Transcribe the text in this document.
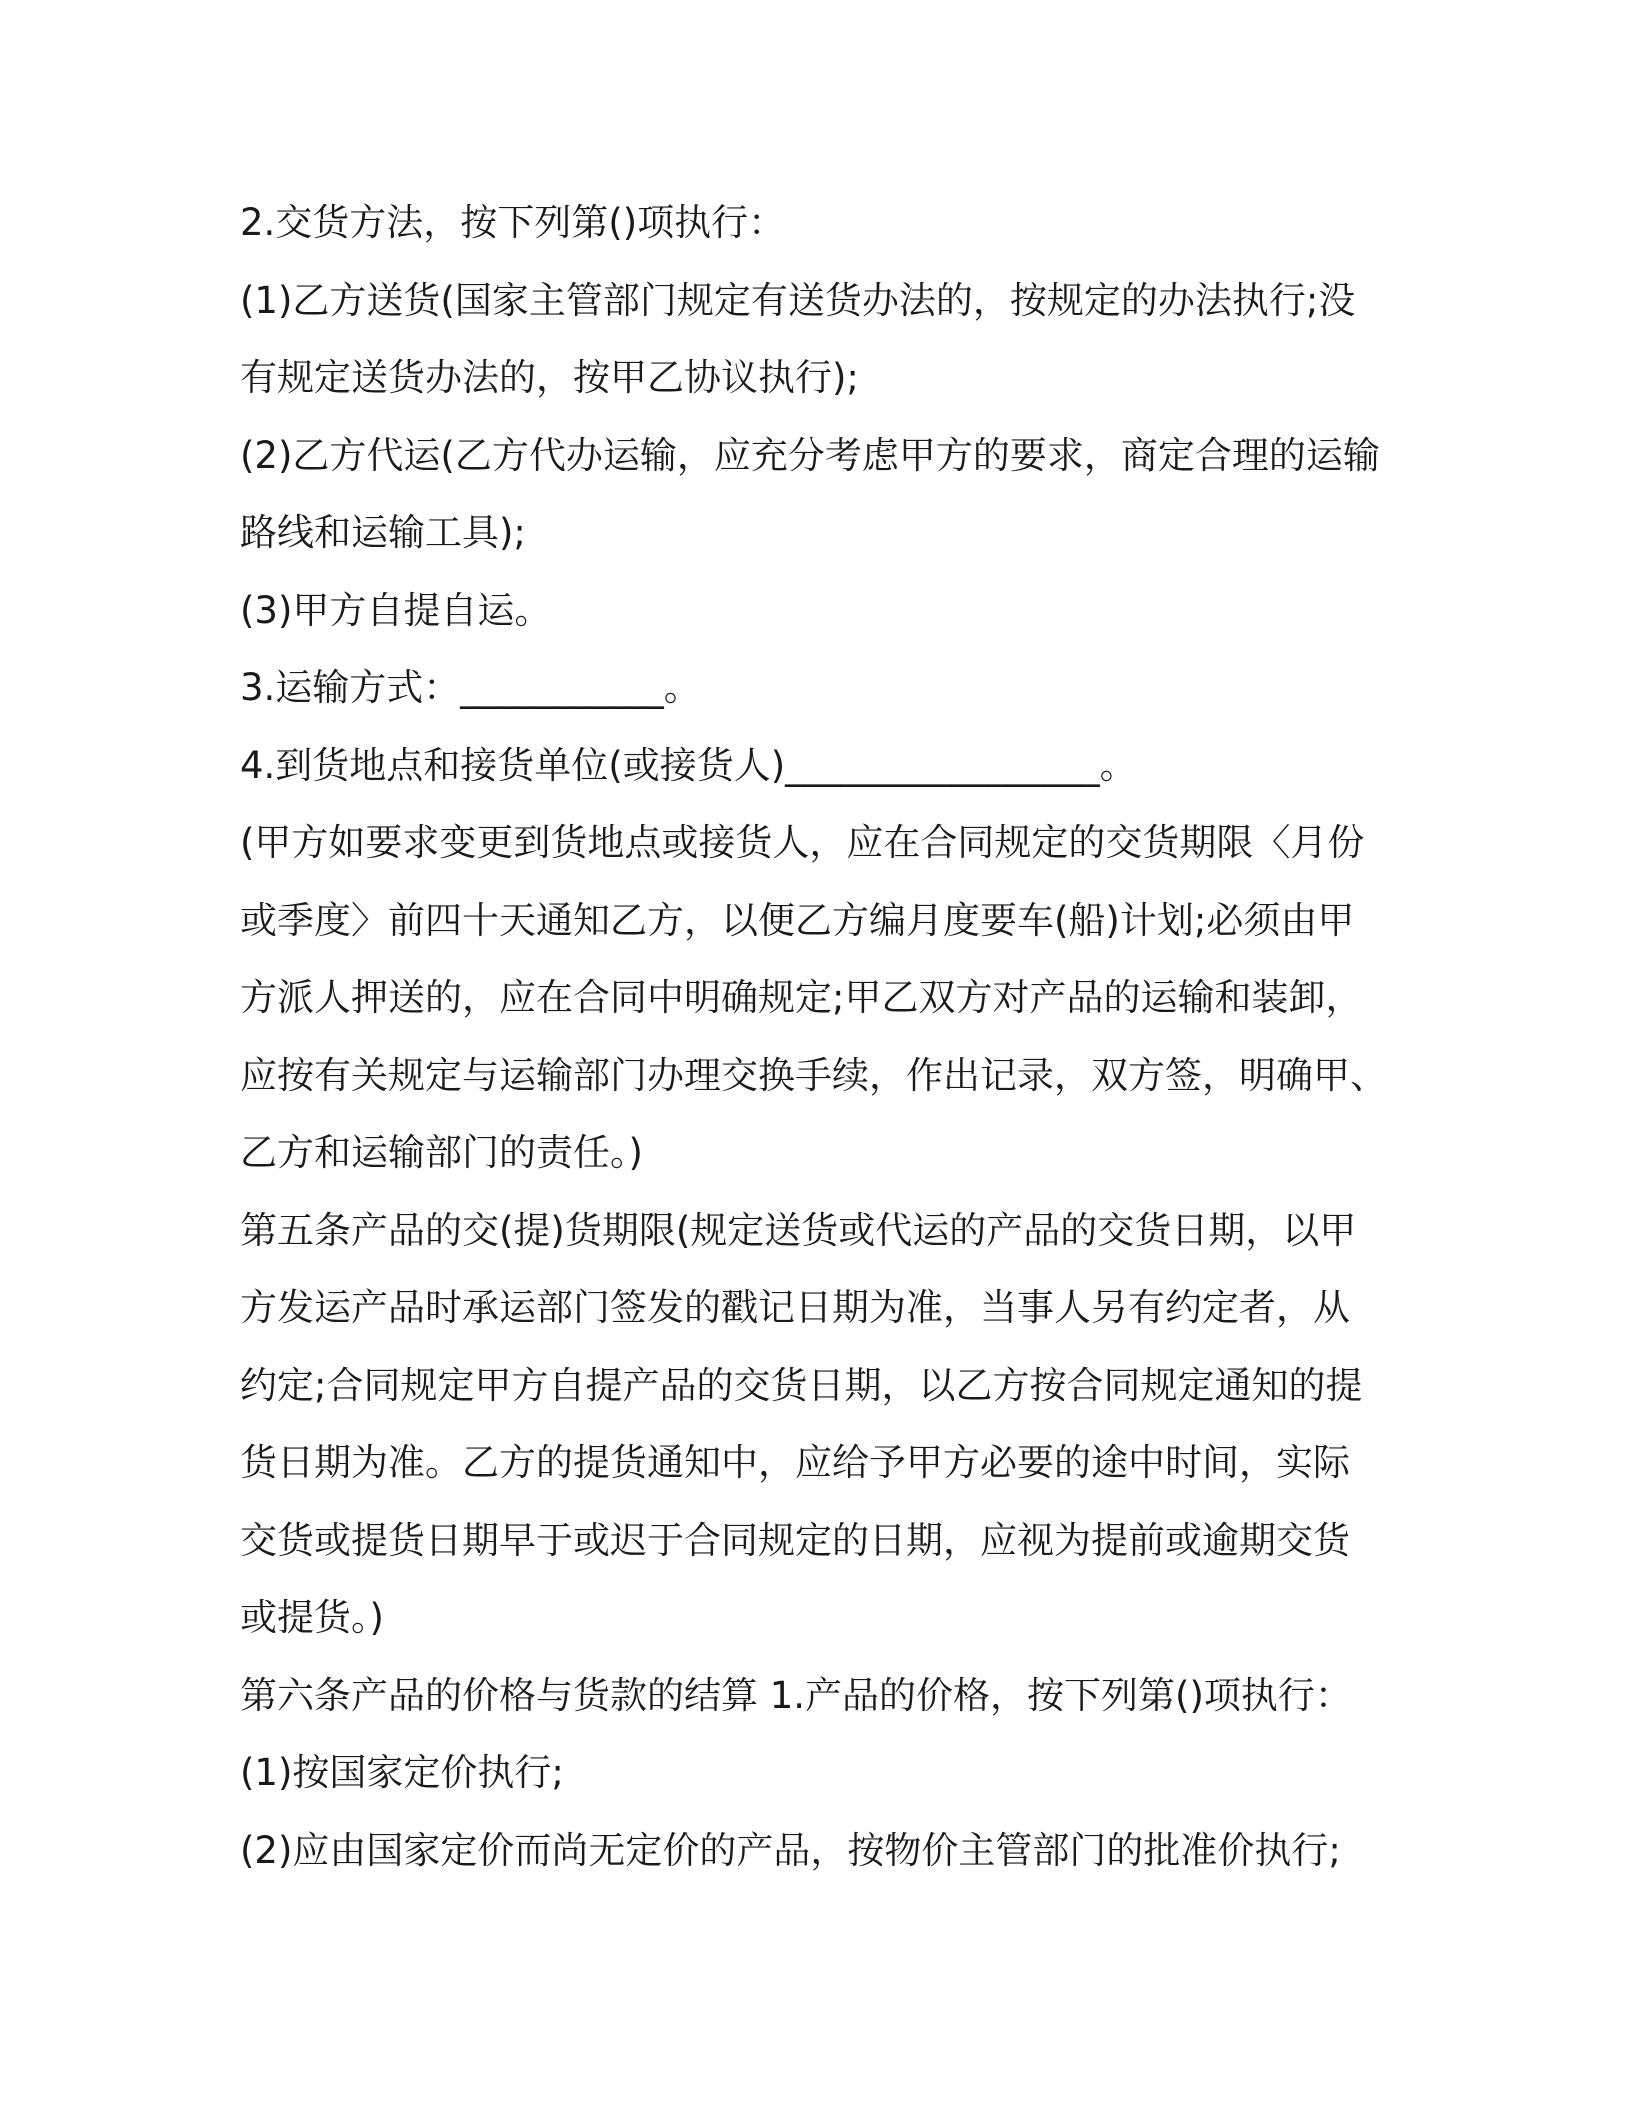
2.交货方法，按下列第()项执行：
(1)乙方送货(国家主管部门规定有送货办法的，按规定的办法执行;没
有规定送货办法的，按甲乙协议执行);
(2)乙方代运(乙方代办运输，应充分考虑甲方的要求，商定合理的运输
路线和运输工具);
(3)甲方自提自运。
3.运输方式：___________。
4.到货地点和接货单位(或接货人)_________________。
(甲方如要求变更到货地点或接货人，应在合同规定的交货期限〈月份
或季度〉前四十天通知乙方，以便乙方编月度要车(船)计划;必须由甲
方派人押送的，应在合同中明确规定;甲乙双方对产品的运输和装卸，
应按有关规定与运输部门办理交换手续，作出记录，双方签，明确甲、
乙方和运输部门的责任。)
第五条产品的交(提)货期限(规定送货或代运的产品的交货日期，以甲
方发运产品时承运部门签发的戳记日期为准，当事人另有约定者，从
约定;合同规定甲方自提产品的交货日期，以乙方按合同规定通知的提
货日期为准。乙方的提货通知中，应给予甲方必要的途中时间，实际
交货或提货日期早于或迟于合同规定的日期，应视为提前或逾期交货
或提货。)
第六条产品的价格与货款的结算 1.产品的价格，按下列第()项执行：
(1)按国家定价执行;
(2)应由国家定价而尚无定价的产品，按物价主管部门的批准价执行;
